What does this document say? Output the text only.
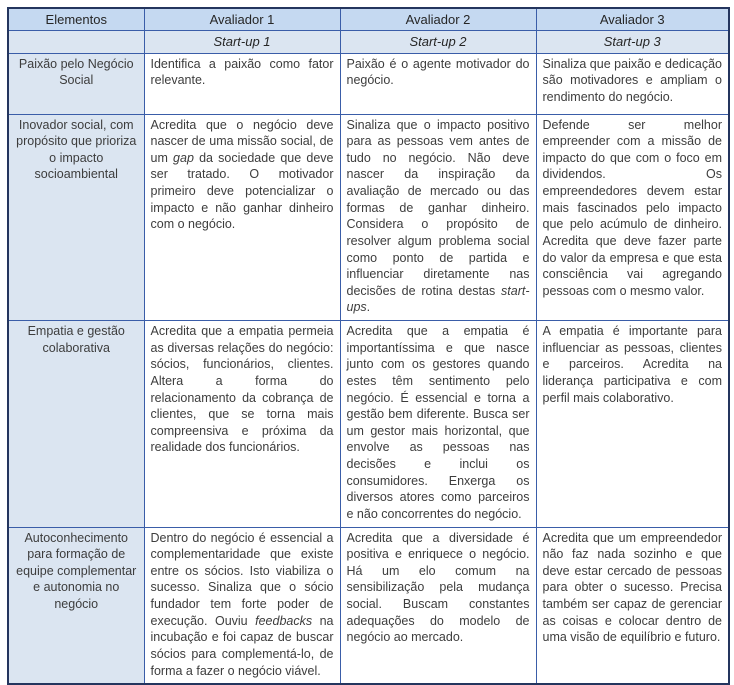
Elementos	Avaliador 1	Avaliador 2	Avaliador 3
	Start-up 1	Start-up 2	Start-up 3
Paixão pelo Negócio Social	Identifica a paixão como fator relevante.	Paixão é o agente motivador do negócio.	Sinaliza que paixão e dedicação são motivadores e ampliam o rendimento do negócio.
Inovador social, com propósito que prioriza o impacto socioambiental	Acredita que o negócio deve nascer de uma missão social, de um gap da sociedade que deve ser tratado. O motivador primeiro deve potencializar o impacto e não ganhar dinheiro com o negócio.	Sinaliza que o impacto positivo para as pessoas vem antes de tudo no negócio. Não deve nascer da inspiração da avaliação de mercado ou das formas de ganhar dinheiro. Considera o propósito de resolver algum problema social como ponto de partida e influenciar diretamente nas decisões de rotina destas start-ups.	Defende ser melhor empreender com a missão de impacto do que com o foco em dividendos. Os empreendedores devem estar mais fascinados pelo impacto que pelo acúmulo de dinheiro. Acredita que deve fazer parte do valor da empresa e que esta consciência vai agregando pessoas com o mesmo valor.
Empatia e gestão colaborativa	Acredita que a empatia permeia as diversas relações do negócio: sócios, funcionários, clientes. Altera a forma do relacionamento da cobrança de clientes, que se torna mais compreensiva e próxima da realidade dos funcionários.	Acredita que a empatia é importantíssima e que nasce junto com os gestores quando estes têm sentimento pelo negócio. É essencial e torna a gestão bem diferente. Busca ser um gestor mais horizontal, que envolve as pessoas nas decisões e inclui os consumidores. Enxerga os diversos atores como parceiros e não concorrentes do negócio.	A empatia é importante para influenciar as pessoas, clientes e parceiros. Acredita na liderança participativa e com perfil mais colaborativo.
Autoconhecimento para formação de equipe complementar e autonomia no negócio	Dentro do negócio é essencial a complementaridade que existe entre os sócios. Isto viabiliza o sucesso. Sinaliza que o sócio fundador tem forte poder de execução. Ouviu feedbacks na incubação e foi capaz de buscar sócios para complementá-lo, de forma a fazer o negócio viável.	Acredita que a diversidade é positiva e enriquece o negócio. Há um elo comum na sensibilização pela mudança social. Buscam constantes adequações do modelo de negócio ao mercado.	Acredita que um empreendedor não faz nada sozinho e que deve estar cercado de pessoas para obter o sucesso. Precisa também ser capaz de gerenciar as coisas e colocar dentro de uma visão de equilíbrio e futuro.
